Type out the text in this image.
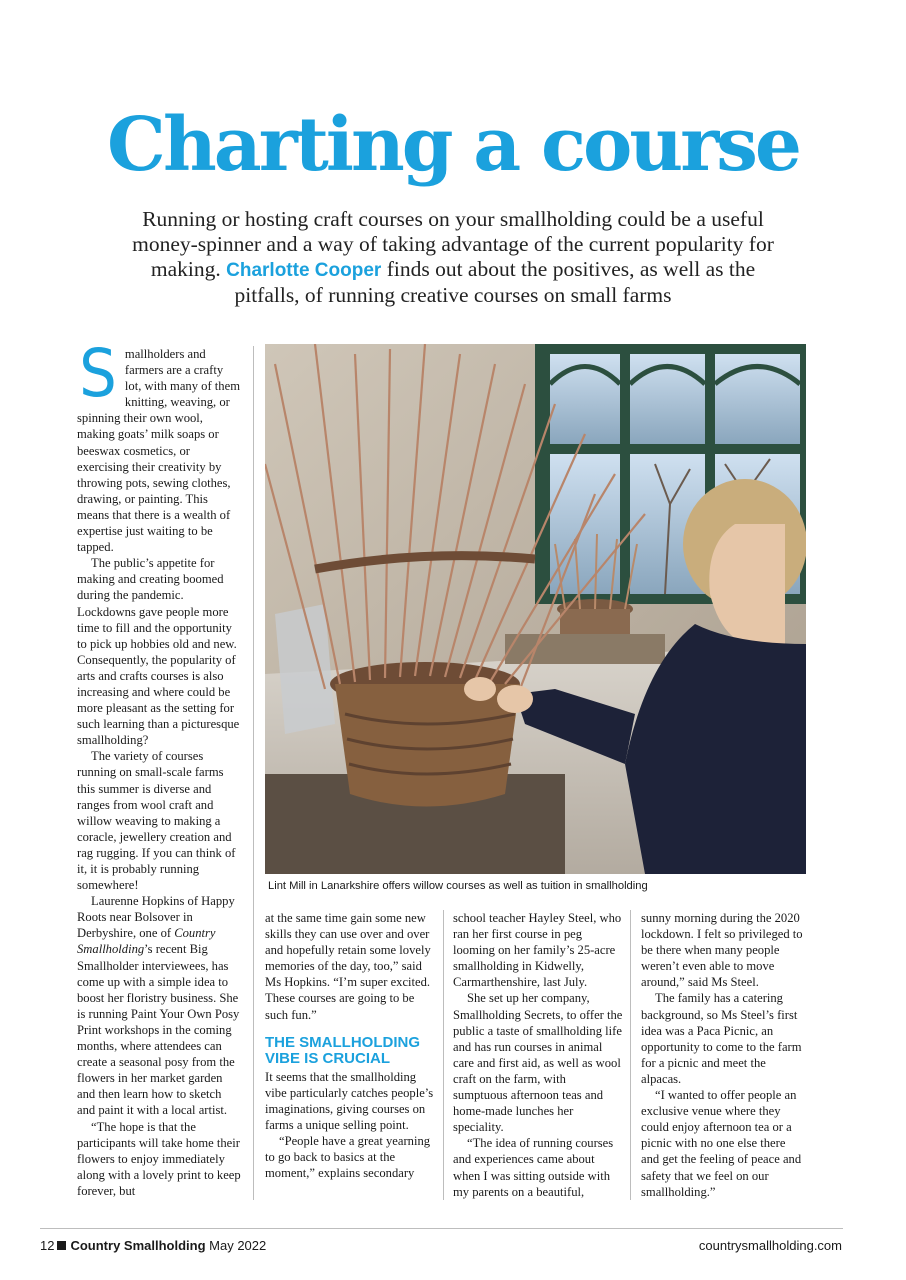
Charting a course
Running or hosting craft courses on your smallholding could be a useful money-spinner and a way of taking advantage of the current popularity for making. Charlotte Cooper finds out about the positives, as well as the pitfalls, of running creative courses on small farms

Smallholders and farmers are a crafty lot, with many of them knitting, weaving, or spinning their own wool, making goats’ milk soaps or beeswax cosmetics, or exercising their creativity by throwing pots, sewing clothes, drawing, or painting. This means that there is a wealth of expertise just waiting to be tapped.

The public’s appetite for making and creating boomed during the pandemic. Lockdowns gave people more time to fill and the opportunity to pick up hobbies old and new. Consequently, the popularity of arts and crafts courses is also increasing and where could be more pleasant as the setting for such learning than a picturesque smallholding?

The variety of courses running on small-scale farms this summer is diverse and ranges from wool craft and willow weaving to making a coracle, jewellery creation and rag rugging. If you can think of it, it is probably running somewhere!

Laurenne Hopkins of Happy Roots near Bolsover in Derbyshire, one of Country Smallholding’s recent Big Smallholder interviewees, has come up with a simple idea to boost her floristry business. She is running Paint Your Own Posy Print workshops in the coming months, where attendees can create a seasonal posy from the flowers in her market garden and then learn how to sketch and paint it with a local artist.

“The hope is that the participants will take home their flowers to enjoy immediately along with a lovely print to keep forever, but

Lint Mill in Lanarkshire offers willow courses as well as tuition in smallholding

at the same time gain some new skills they can use over and over and hopefully retain some lovely memories of the day, too,” said Ms Hopkins. “I’m super excited. These courses are going to be such fun.”

THE SMALLHOLDING VIBE IS CRUCIAL

It seems that the smallholding vibe particularly catches people’s imaginations, giving courses on farms a unique selling point.

“People have a great yearning to go back to basics at the moment,” explains secondary

school teacher Hayley Steel, who ran her first course in peg looming on her family’s 25-acre smallholding in Kidwelly, Carmarthenshire, last July.

She set up her company, Smallholding Secrets, to offer the public a taste of smallholding life and has run courses in animal care and first aid, as well as wool craft on the farm, with sumptuous afternoon teas and home-made lunches her speciality.

“The idea of running courses and experiences came about when I was sitting outside with my parents on a beautiful,

sunny morning during the 2020 lockdown. I felt so privileged to be there when many people weren’t even able to move around,” said Ms Steel.

The family has a catering background, so Ms Steel’s first idea was a Paca Picnic, an opportunity to come to the farm for a picnic and meet the alpacas.

“I wanted to offer people an exclusive venue where they could enjoy afternoon tea or a picnic with no one else there and get the feeling of peace and safety that we feel on our smallholding.”

12 Country Smallholding May 2022	countrysmallholding.com
